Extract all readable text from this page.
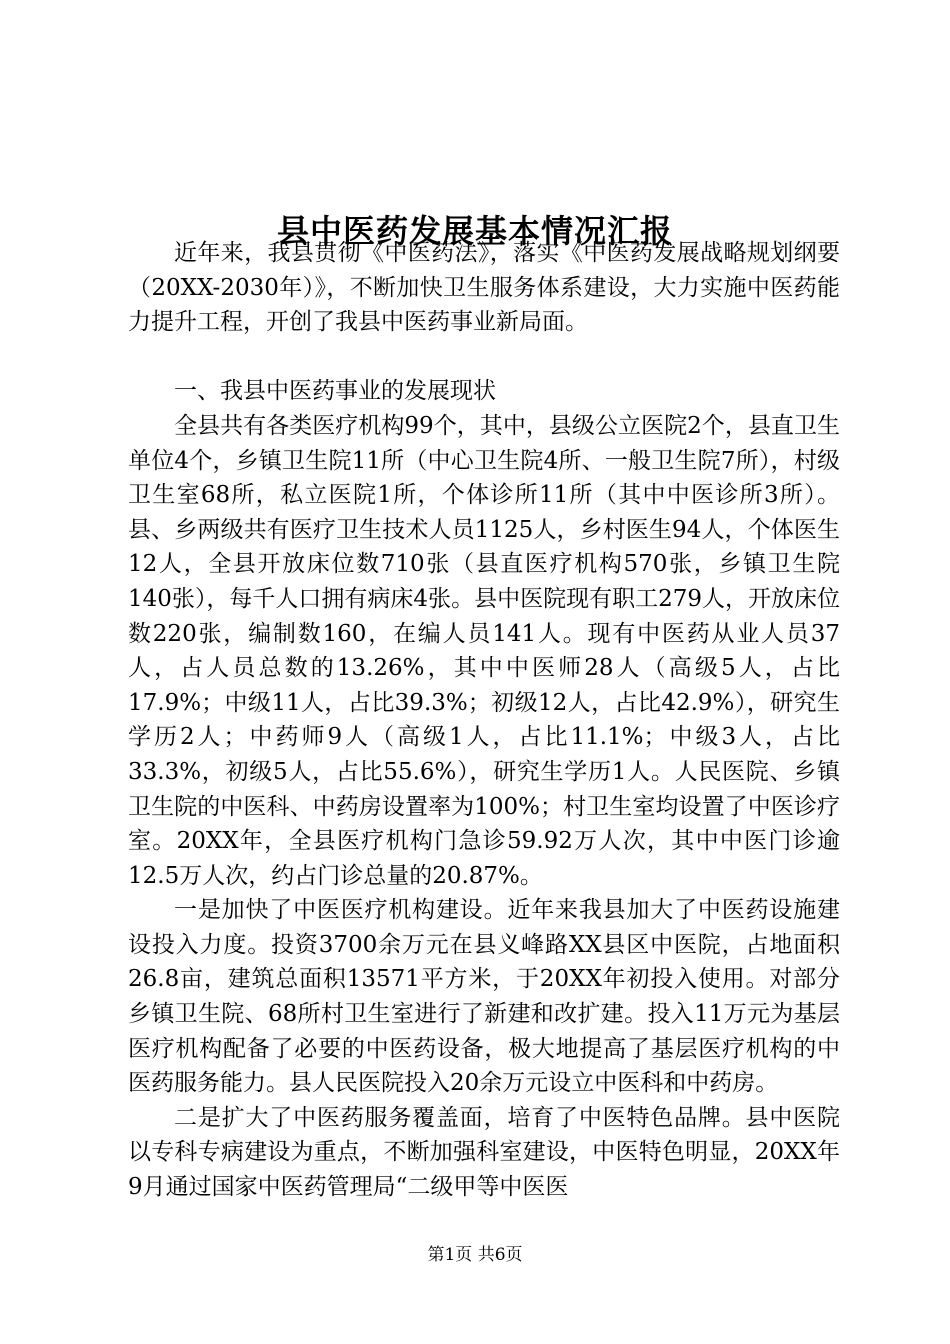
县中医药发展基本情况汇报

近年来，我县贯彻《中医药法》，落实《中医药发展战略规划纲要（20XX-2030年）》，不断加快卫生服务体系建设，大力实施中医药能力提升工程，开创了我县中医药事业新局面。

一、我县中医药事业的发展现状

全县共有各类医疗机构99个，其中，县级公立医院2个，县直卫生单位4个，乡镇卫生院11所（中心卫生院4所、一般卫生院7所），村级卫生室68所，私立医院1所，个体诊所11所（其中中医诊所3所）。县、乡两级共有医疗卫生技术人员1125人，乡村医生94人，个体医生12人，全县开放床位数710张（县直医疗机构570张，乡镇卫生院140张），每千人口拥有病床4张。县中医院现有职工279人，开放床位数220张，编制数160，在编人员141人。现有中医药从业人员37人，占人员总数的13.26%，其中中医师28人（高级5人，占比17.9%；中级11人，占比39.3%；初级12人，占比42.9%），研究生学历2人；中药师9人（高级1人，占比11.1%；中级3人，占比33.3%，初级5人，占比55.6%），研究生学历1人。人民医院、乡镇卫生院的中医科、中药房设置率为100%；村卫生室均设置了中医诊疗室。20XX年，全县医疗机构门急诊59.92万人次，其中中医门诊逾12.5万人次，约占门诊总量的20.87%。

一是加快了中医医疗机构建设。近年来我县加大了中医药设施建设投入力度。投资3700余万元在县义峰路XX县区中医院，占地面积26.8亩，建筑总面积13571平方米，于20XX年初投入使用。对部分乡镇卫生院、68所村卫生室进行了新建和改扩建。投入11万元为基层医疗机构配备了必要的中医药设备，极大地提高了基层医疗机构的中医药服务能力。县人民医院投入20余万元设立中医科和中药房。

二是扩大了中医药服务覆盖面，培育了中医特色品牌。县中医院以专科专病建设为重点，不断加强科室建设，中医特色明显，20XX年9月通过国家中医药管理局“二级甲等中医医

第1页 共6页
